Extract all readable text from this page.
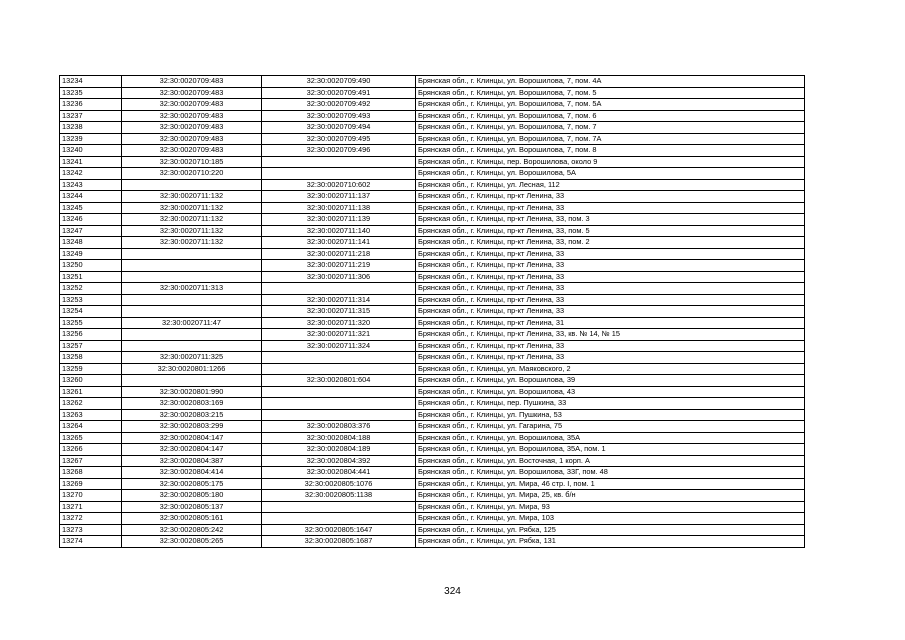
13234	32:30:0020709:483	32:30:0020709:490	Брянская обл., г. Клинцы, ул. Ворошилова, 7, пом. 4А
13235	32:30:0020709:483	32:30:0020709:491	Брянская обл., г. Клинцы, ул. Ворошилова, 7, пом. 5
13236	32:30:0020709:483	32:30:0020709:492	Брянская обл., г. Клинцы, ул. Ворошилова, 7, пом. 5А
13237	32:30:0020709:483	32:30:0020709:493	Брянская обл., г. Клинцы, ул. Ворошилова, 7, пом. 6
13238	32:30:0020709:483	32:30:0020709:494	Брянская обл., г. Клинцы, ул. Ворошилова, 7, пом. 7
13239	32:30:0020709:483	32:30:0020709:495	Брянская обл., г. Клинцы, ул. Ворошилова, 7, пом. 7А
13240	32:30:0020709:483	32:30:0020709:496	Брянская обл., г. Клинцы, ул. Ворошилова, 7, пом. 8
13241	32:30:0020710:185		Брянская обл., г. Клинцы, пер. Ворошилова, около 9
13242	32:30:0020710:220		Брянская обл., г. Клинцы, ул. Ворошилова, 5А
13243		32:30:0020710:602	Брянская обл., г. Клинцы, ул. Лесная, 112
13244	32:30:0020711:132	32:30:0020711:137	Брянская обл., г. Клинцы, пр-кт Ленина, 33
13245	32:30:0020711:132	32:30:0020711:138	Брянская обл., г. Клинцы, пр-кт Ленина, 33
13246	32:30:0020711:132	32:30:0020711:139	Брянская обл., г. Клинцы, пр-кт Ленина, 33, пом. 3
13247	32:30:0020711:132	32:30:0020711:140	Брянская обл., г. Клинцы, пр-кт Ленина, 33, пом. 5
13248	32:30:0020711:132	32:30:0020711:141	Брянская обл., г. Клинцы, пр-кт Ленина, 33, пом. 2
13249		32:30:0020711:218	Брянская обл., г. Клинцы, пр-кт Ленина, 33
13250		32:30:0020711:219	Брянская обл., г. Клинцы, пр-кт Ленина, 33
13251		32:30:0020711:306	Брянская обл., г. Клинцы, пр-кт Ленина, 33
13252	32:30:0020711:313		Брянская обл., г. Клинцы, пр-кт Ленина, 33
13253		32:30:0020711:314	Брянская обл., г. Клинцы, пр-кт Ленина, 33
13254		32:30:0020711:315	Брянская обл., г. Клинцы, пр-кт Ленина, 33
13255	32:30:0020711:47	32:30:0020711:320	Брянская обл., г. Клинцы, пр-кт Ленина, 31
13256		32:30:0020711:321	Брянская обл., г. Клинцы, пр-кт Ленина, 33, кв. № 14, № 15
13257		32:30:0020711:324	Брянская обл., г. Клинцы, пр-кт Ленина, 33
13258	32:30:0020711:325		Брянская обл., г. Клинцы, пр-кт Ленина, 33
13259	32:30:0020801:1266		Брянская обл., г. Клинцы, ул. Маяковского, 2
13260		32:30:0020801:604	Брянская обл., г. Клинцы, ул. Ворошилова, 39
13261	32:30:0020801:990		Брянская обл., г. Клинцы, ул. Ворошилова, 43
13262	32:30:0020803:169		Брянская обл., г. Клинцы, пер. Пушкина, 33
13263	32:30:0020803:215		Брянская обл., г. Клинцы, ул. Пушкина, 53
13264	32:30:0020803:299	32:30:0020803:376	Брянская обл., г. Клинцы, ул. Гагарина, 75
13265	32:30:0020804:147	32:30:0020804:188	Брянская обл., г. Клинцы, ул. Ворошилова, 35А
13266	32:30:0020804:147	32:30:0020804:189	Брянская обл., г. Клинцы, ул. Ворошилова, 35А, пом. 1
13267	32:30:0020804:387	32:30:0020804:392	Брянская обл., г. Клинцы, ул. Восточная, 1 корп. А
13268	32:30:0020804:414	32:30:0020804:441	Брянская обл., г. Клинцы, ул. Ворошилова, 33Г, пом. 48
13269	32:30:0020805:175	32:30:0020805:1076	Брянская обл., г. Клинцы, ул. Мира, 46 стр. I, пом. 1
13270	32:30:0020805:180	32:30:0020805:1138	Брянская обл., г. Клинцы, ул. Мира, 25, кв. б/н
13271	32:30:0020805:137		Брянская обл., г. Клинцы, ул. Мира, 93
13272	32:30:0020805:161		Брянская обл., г. Клинцы, ул. Мира, 103
13273	32:30:0020805:242	32:30:0020805:1647	Брянская обл., г. Клинцы, ул. Рябка, 125
13274	32:30:0020805:265	32:30:0020805:1687	Брянская обл., г. Клинцы, ул. Рябка, 131
324
